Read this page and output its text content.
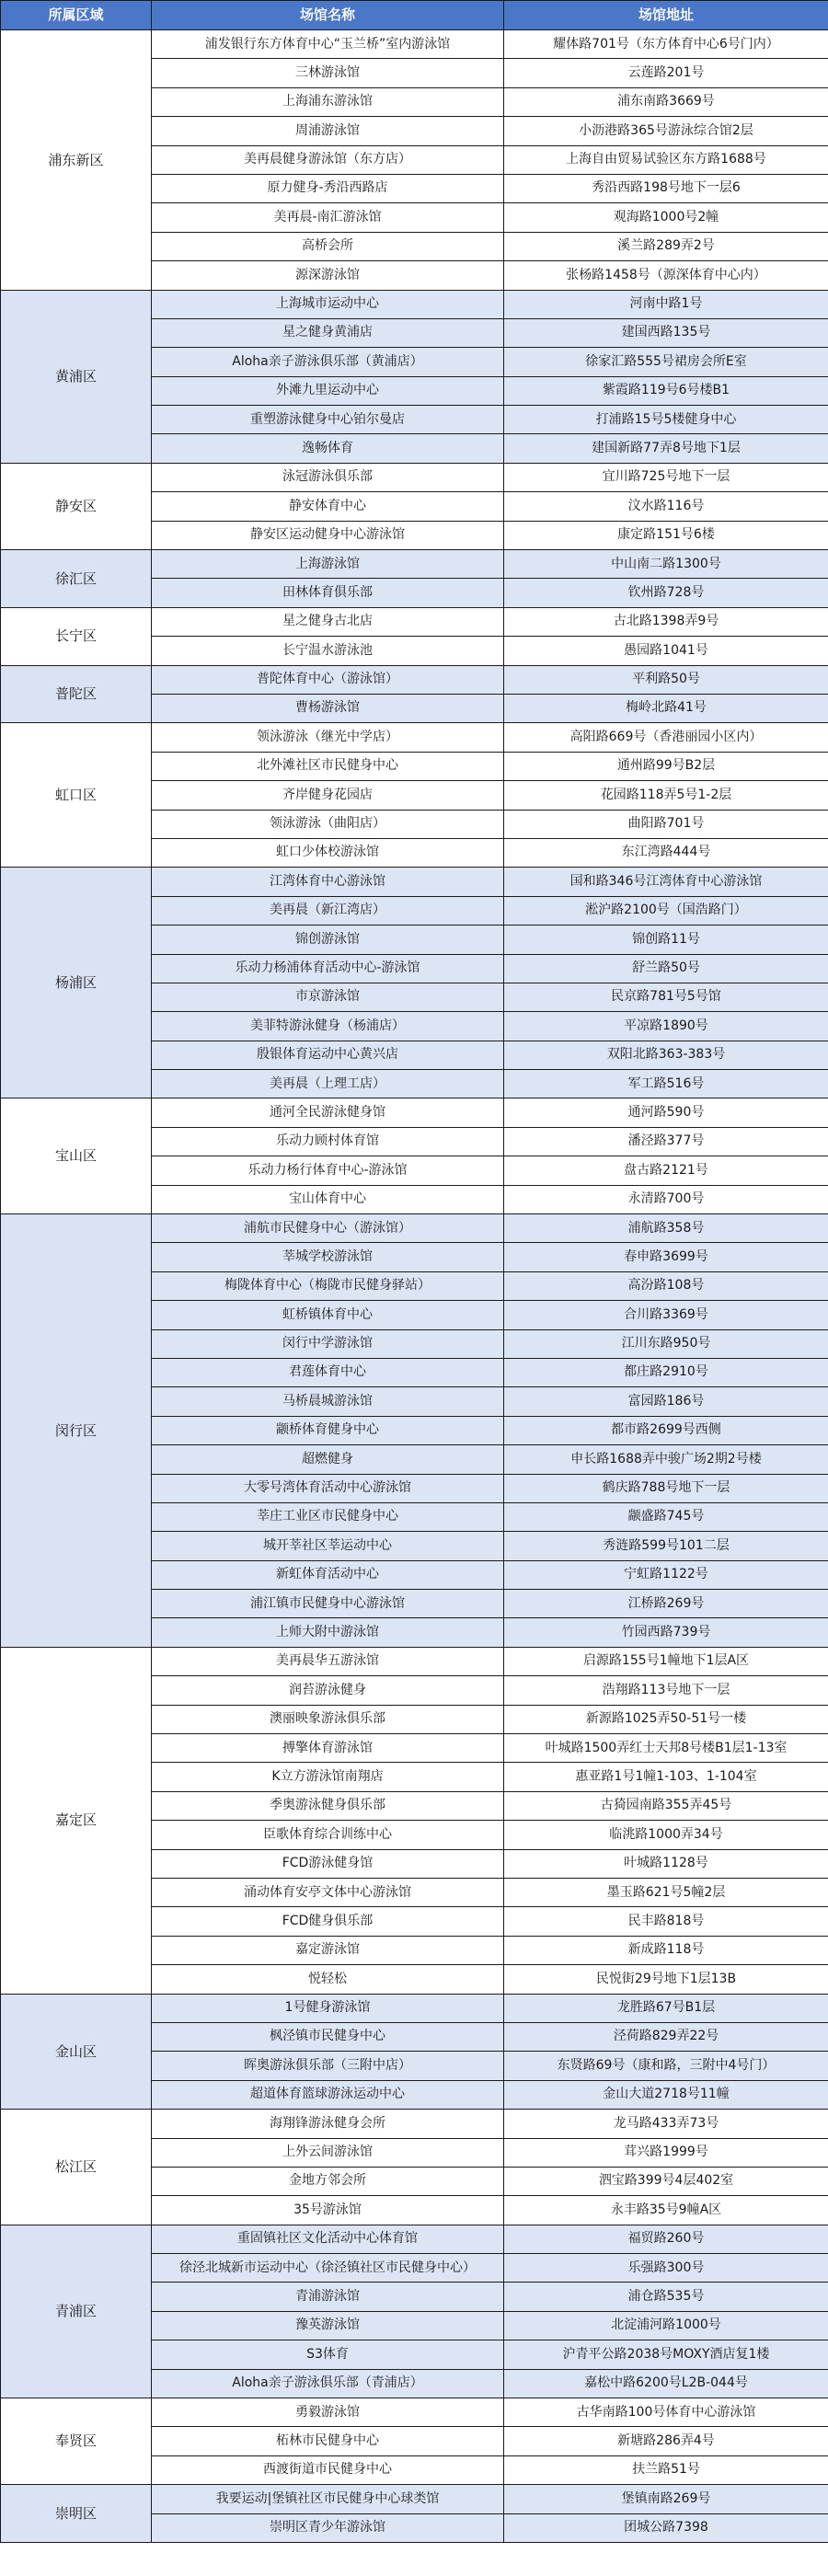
所属区域	场馆名称	场馆地址
浦东新区	浦发银行东方体育中心“玉兰桥”室内游泳馆	耀体路701号（东方体育中心6号门内）
	三林游泳馆	云莲路201号
	上海浦东游泳馆	浦东南路3669号
	周浦游泳馆	小沥港路365号游泳综合馆2层
	美再晨健身游泳馆（东方店）	上海自由贸易试验区东方路1688号
	原力健身-秀沿西路店	秀沿西路198号地下一层6
	美再晨-南汇游泳馆	观海路1000号2幢
	高桥会所	溪兰路289弄2号
	源深游泳馆	张杨路1458号（源深体育中心内）
黄浦区	上海城市运动中心	河南中路1号
	星之健身黄浦店	建国西路135号
	Aloha亲子游泳俱乐部（黄浦店）	徐家汇路555号裙房会所E室
	外滩九里运动中心	紫霞路119号6号楼B1
	重塑游泳健身中心铂尔曼店	打浦路15号5楼健身中心
	逸畅体育	建国新路77弄8号地下1层
静安区	泳冠游泳俱乐部	宜川路725号地下一层
	静安体育中心	汶水路116号
	静安区运动健身中心游泳馆	康定路151号6楼
徐汇区	上海游泳馆	中山南二路1300号
	田林体育俱乐部	钦州路728号
长宁区	星之健身古北店	古北路1398弄9号
	长宁温水游泳池	愚园路1041号
普陀区	普陀体育中心（游泳馆）	平利路50号
	曹杨游泳馆	梅岭北路41号
虹口区	领泳游泳（继光中学店）	高阳路669号（香港丽园小区内）
	北外滩社区市民健身中心	通州路99号B2层
	齐岸健身花园店	花园路118弄5号1-2层
	领泳游泳（曲阳店）	曲阳路701号
	虹口少体校游泳馆	东江湾路444号
杨浦区	江湾体育中心游泳馆	国和路346号江湾体育中心游泳馆
	美再晨（新江湾店）	淞沪路2100号（国浩路门）
	锦创游泳馆	锦创路11号
	乐动力杨浦体育活动中心-游泳馆	舒兰路50号
	市京游泳馆	民京路781号5号馆
	美菲特游泳健身（杨浦店）	平凉路1890号
	殷银体育运动中心黄兴店	双阳北路363-383号
	美再晨（上理工店）	军工路516号
宝山区	通河全民游泳健身馆	通河路590号
	乐动力顾村体育馆	潘泾路377号
	乐动力杨行体育中心-游泳馆	盘古路2121号
	宝山体育中心	永清路700号
闵行区	浦航市民健身中心（游泳馆）	浦航路358号
	莘城学校游泳馆	春申路3699号
	梅陇体育中心（梅陇市民健身驿站）	高汾路108号
	虹桥镇体育中心	合川路3369号
	闵行中学游泳馆	江川东路950号
	君莲体育中心	都庄路2910号
	马桥晨城游泳馆	富园路186号
	颛桥体育健身中心	都市路2699号西侧
	超燃健身	申长路1688弄中骏广场2期2号楼
	大零号湾体育活动中心游泳馆	鹤庆路788号地下一层
	莘庄工业区市民健身中心	颛盛路745号
	城开莘社区莘运动中心	秀涟路599号101二层
	新虹体育活动中心	宁虹路1122号
	浦江镇市民健身中心游泳馆	江桥路269号
	上师大附中游泳馆	竹园西路739号
嘉定区	美再晨华五游泳馆	启源路155号1幢地下1层A区
	润苔游泳健身	浩翔路113号地下一层
	澳丽映象游泳俱乐部	新源路1025弄50-51号一楼
	搏擎体育游泳馆	叶城路1500弄红士天邦8号楼B1层1-13室
	K立方游泳馆南翔店	惠亚路1号1幢1-103、1-104室
	季奥游泳健身俱乐部	古猗园南路355弄45号
	臣歌体育综合训练中心	临洮路1000弄34号
	FCD游泳健身馆	叶城路1128号
	涌动体育安亭文体中心游泳馆	墨玉路621号5幢2层
	FCD健身俱乐部	民丰路818号
	嘉定游泳馆	新成路118号
	悦轻松	民悦街29号地下1层13B
金山区	1号健身游泳馆	龙胜路67号B1层
	枫泾镇市民健身中心	泾荷路829弄22号
	晖奥游泳俱乐部（三附中店）	东贤路69号（康和路，三附中4号门）
	超道体育篮球游泳运动中心	金山大道2718号11幢
松江区	海翔锋游泳健身会所	龙马路433弄73号
	上外云间游泳馆	茸兴路1999号
	金地方邻会所	泗宝路399号4层402室
	35号游泳馆	永丰路35号9幢A区
青浦区	重固镇社区文化活动中心体育馆	福贸路260号
	徐泾北城新市运动中心（徐泾镇社区市民健身中心）	乐强路300号
	青浦游泳馆	浦仓路535号
	豫英游泳馆	北淀浦河路1000号
	S3体育	沪青平公路2038号MOXY酒店复1楼
	Aloha亲子游泳俱乐部（青浦店）	嘉松中路6200号L2B-044号
奉贤区	勇毅游泳馆	古华南路100号体育中心游泳馆
	柘林市民健身中心	新塘路286弄4号
	西渡街道市民健身中心	扶兰路51号
崇明区	我要运动|堡镇社区市民健身中心球类馆	堡镇南路269号
	崇明区青少年游泳馆	团城公路7398
